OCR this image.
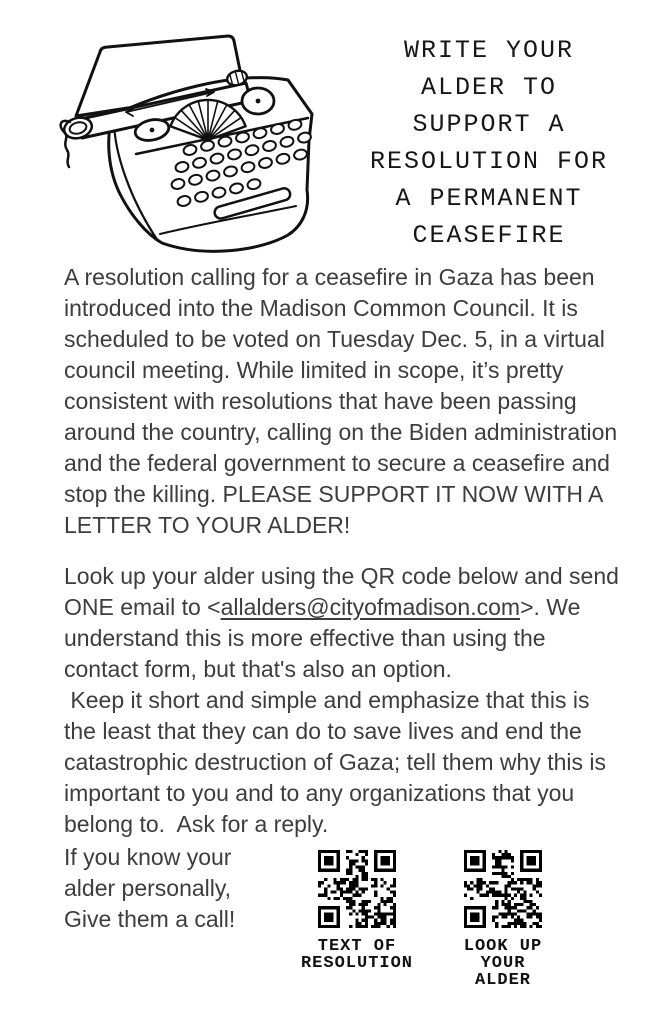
WRITE YOUR
ALDER TO
SUPPORT A
RESOLUTION FOR
A PERMANENT
CEASEFIRE

A resolution calling for a ceasefire in Gaza has been introduced into the Madison Common Council. It is scheduled to be voted on Tuesday Dec. 5, in a virtual council meeting. While limited in scope, it’s pretty consistent with resolutions that have been passing around the country, calling on the Biden administration and the federal government to secure a ceasefire and stop the killing. PLEASE SUPPORT IT NOW WITH A LETTER TO YOUR ALDER!

Look up your alder using the QR code below and send ONE email to <allalders@cityofmadison.com>. We understand this is more effective than using the contact form, but that's also an option.

Keep it short and simple and emphasize that this is the least that they can do to save lives and end the catastrophic destruction of Gaza; tell them why this is important to you and to any organizations that you belong to.  Ask for a reply.

If you know your
alder personally,
Give them a call!
TEXT OF
RESOLUTION
LOOK UP
YOUR ALDER
